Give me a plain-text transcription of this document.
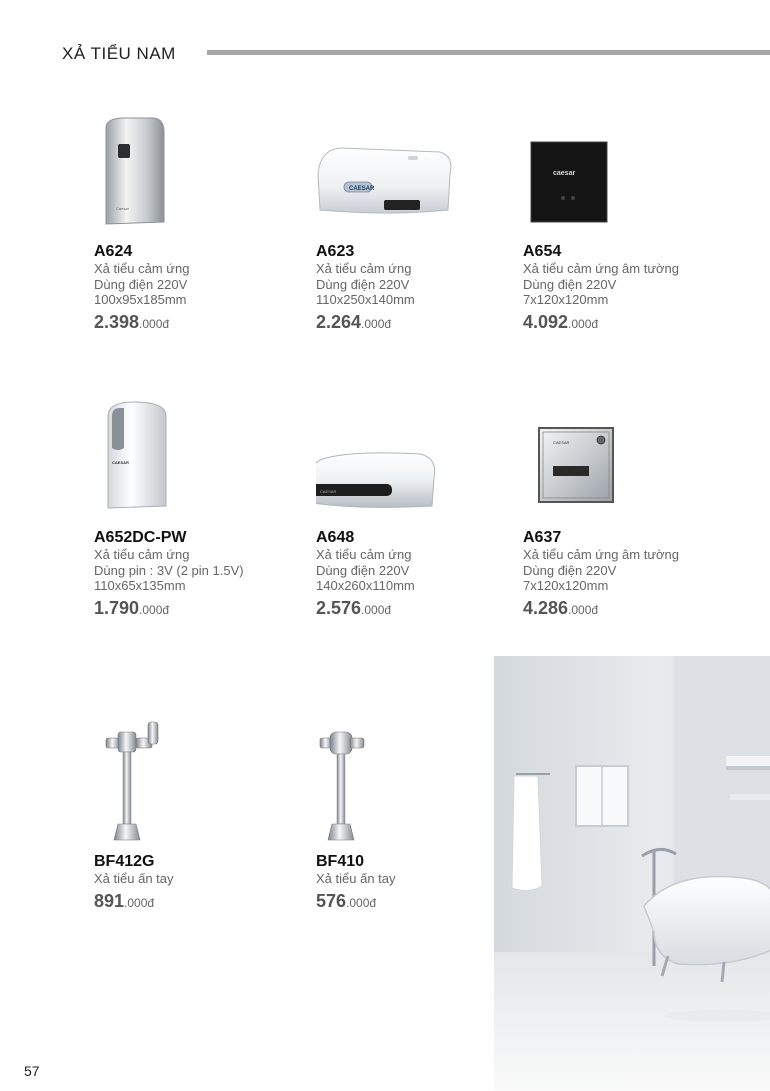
XẢ TIỂU NAM
Caesar
A624
Xả tiểu cảm ứng
Dùng điện 220V
100x95x185mm
2.398.000đ
CAESAR
A623
Xả tiểu cảm ứng
Dùng điện 220V
110x250x140mm
2.264.000đ
caesar
A654
Xả tiểu cảm ứng âm tường
Dùng điện 220V
7x120x120mm
4.092.000đ
CAESAR
A652DC-PW
Xả tiểu cảm ứng
Dùng pin : 3V (2 pin 1.5V)
110x65x135mm
1.790.000đ
CAESAR
A648
Xả tiểu cảm ứng
Dùng điện 220V
140x260x110mm
2.576.000đ
CAESAR
A637
Xả tiểu cảm ứng âm tường
Dùng điện 220V
7x120x120mm
4.286.000đ
BF412G
Xả tiểu ấn tay
891.000đ
BF410
Xả tiểu ấn tay
576.000đ
57
